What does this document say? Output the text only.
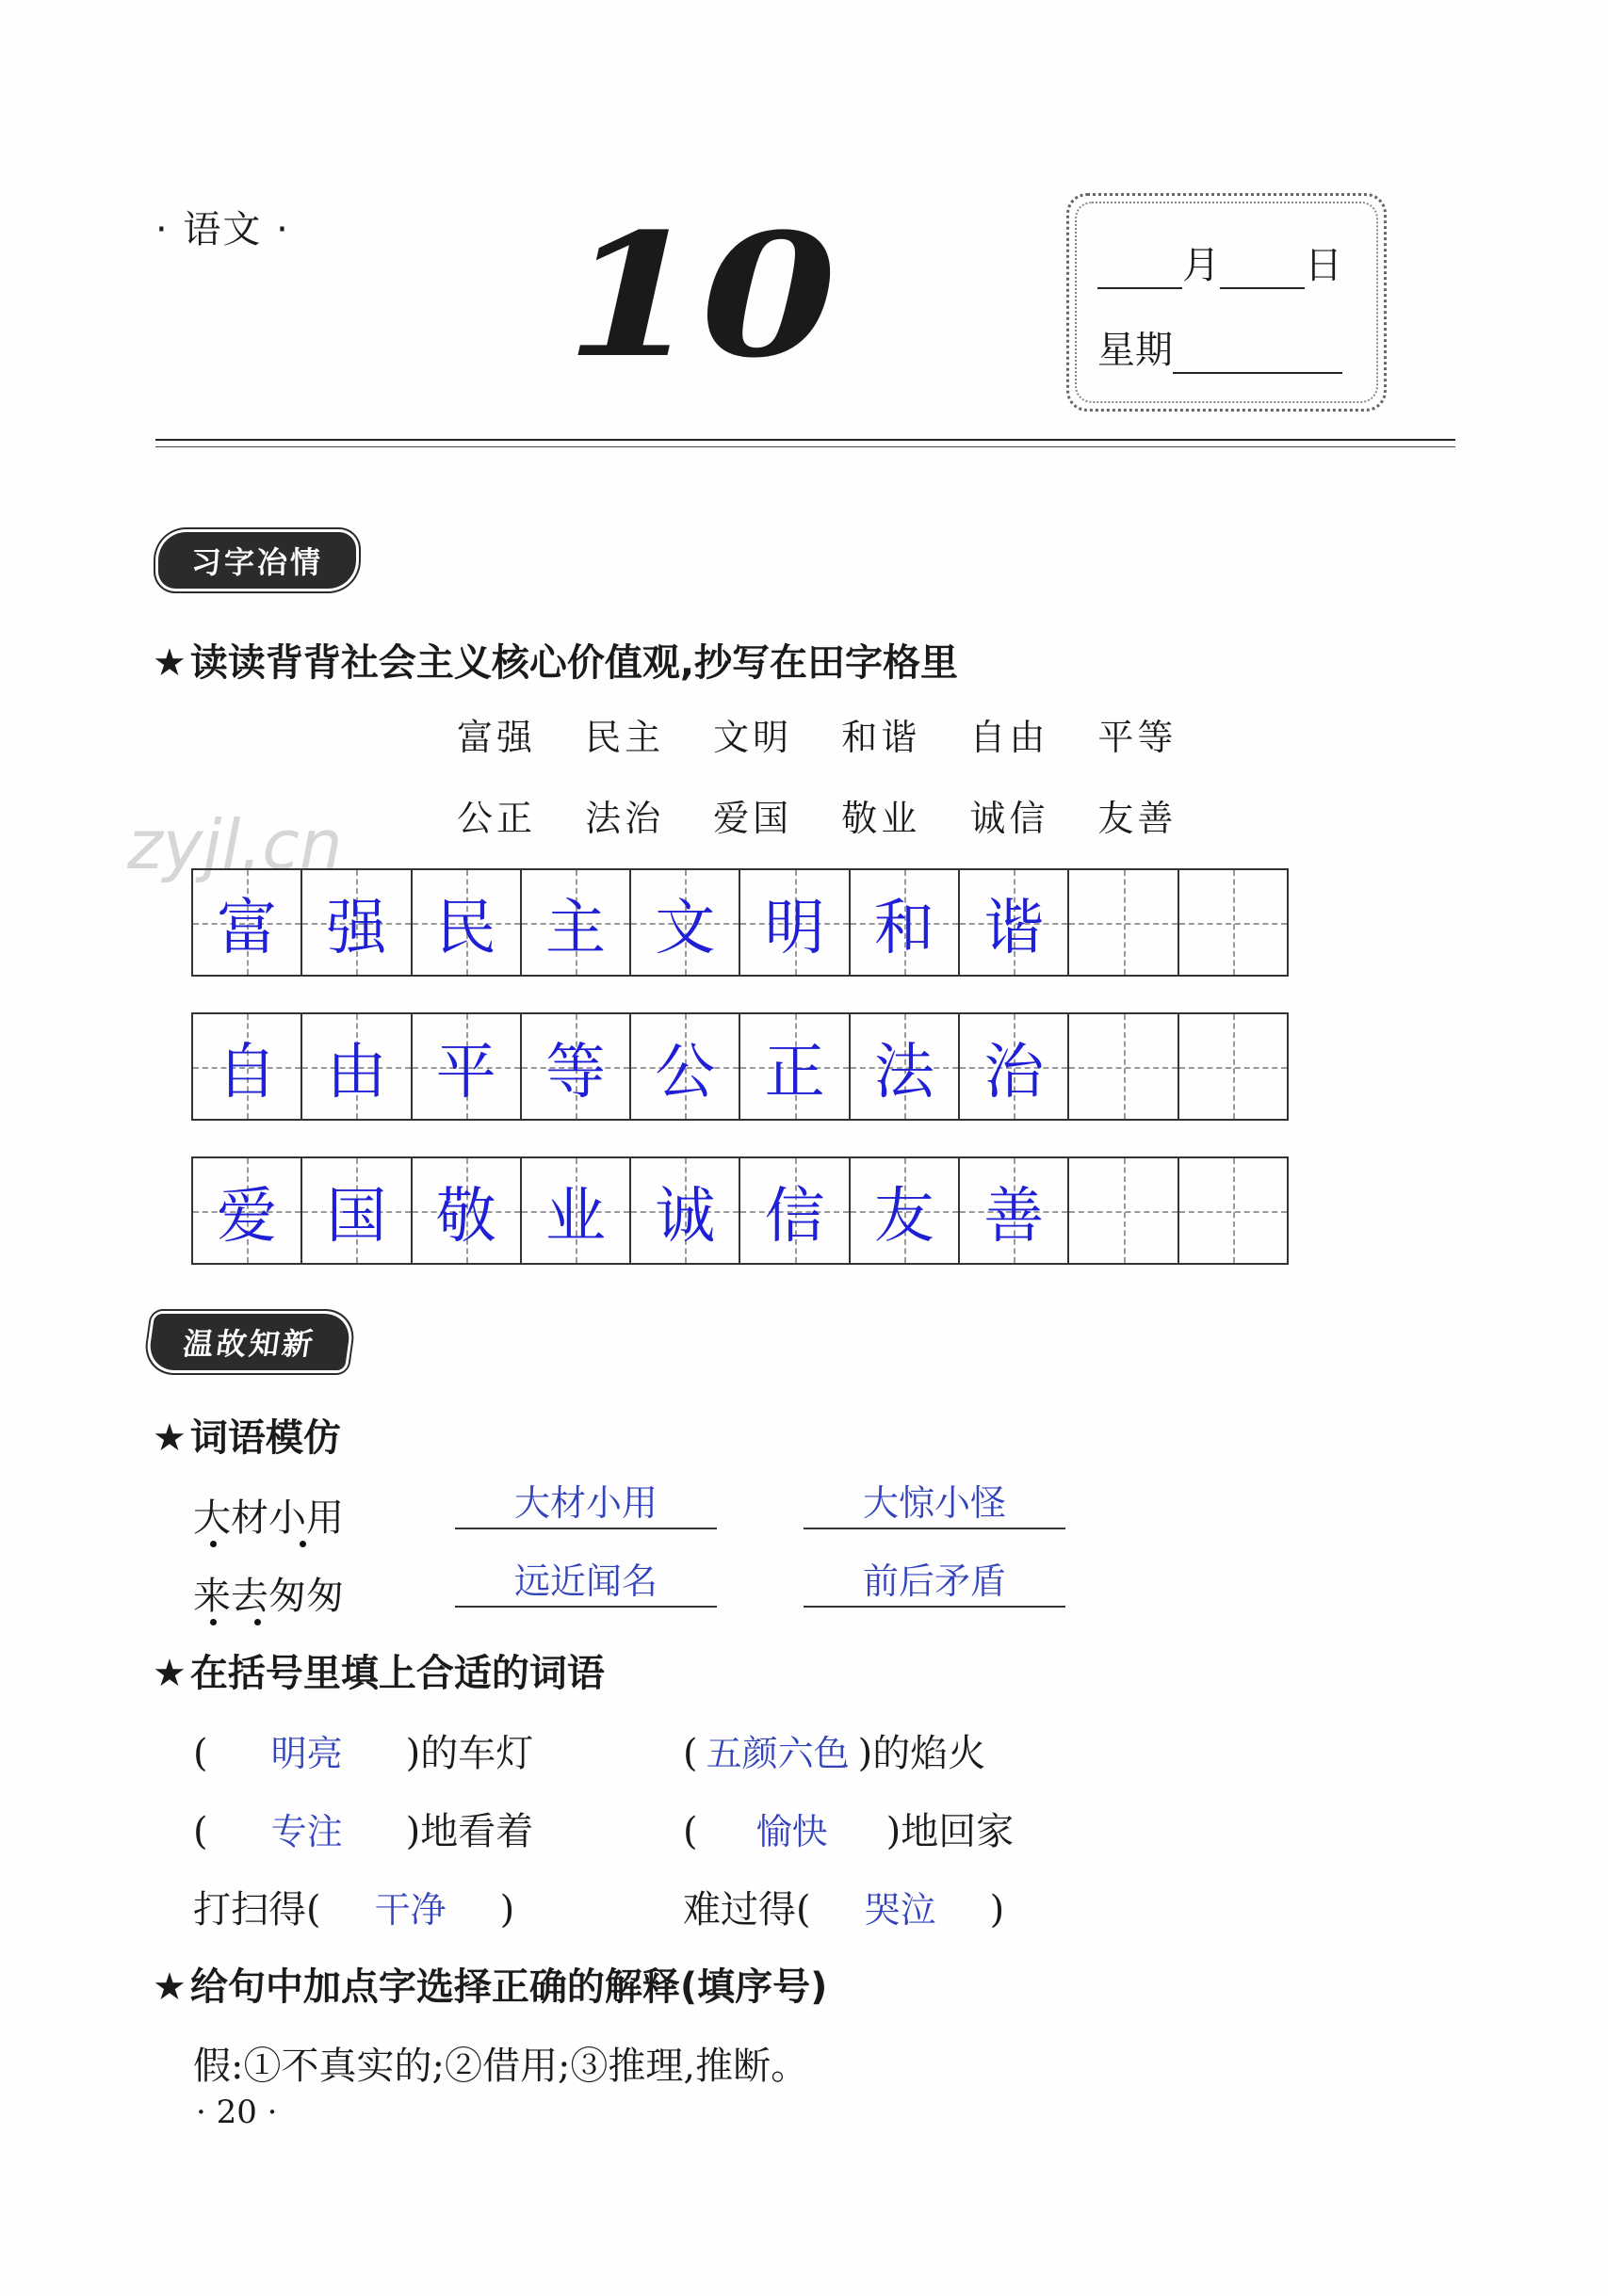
· 语文 · 10	月 日
星期
习字冶情
★ 读读背背社会主义核心价值观,抄写在田字格里
富强 民主 文明 和谐 自由 平等
公正 法治 爱国 敬业 诚信 友善
zyjl.cn
富 强 民 主 文 明 和 谐
自 由 平 等 公 正 法 治
爱 国 敬 业 诚 信 友 善
温故知新
★ 词语模仿
大材小用	大材小用	大惊小怪
来去匆匆	远近闻名	前后矛盾
★ 在括号里填上合适的词语
( 明亮 )的车灯	( 五颜六色 )的焰火
( 专注 )地看着	( 愉快 )地回家
打扫得( 干净 )	难过得( 哭泣 )
★ 给句中加点字选择正确的解释(填序号)
假:①不真实的;②借用;③推理,推断。
· 20 ·
